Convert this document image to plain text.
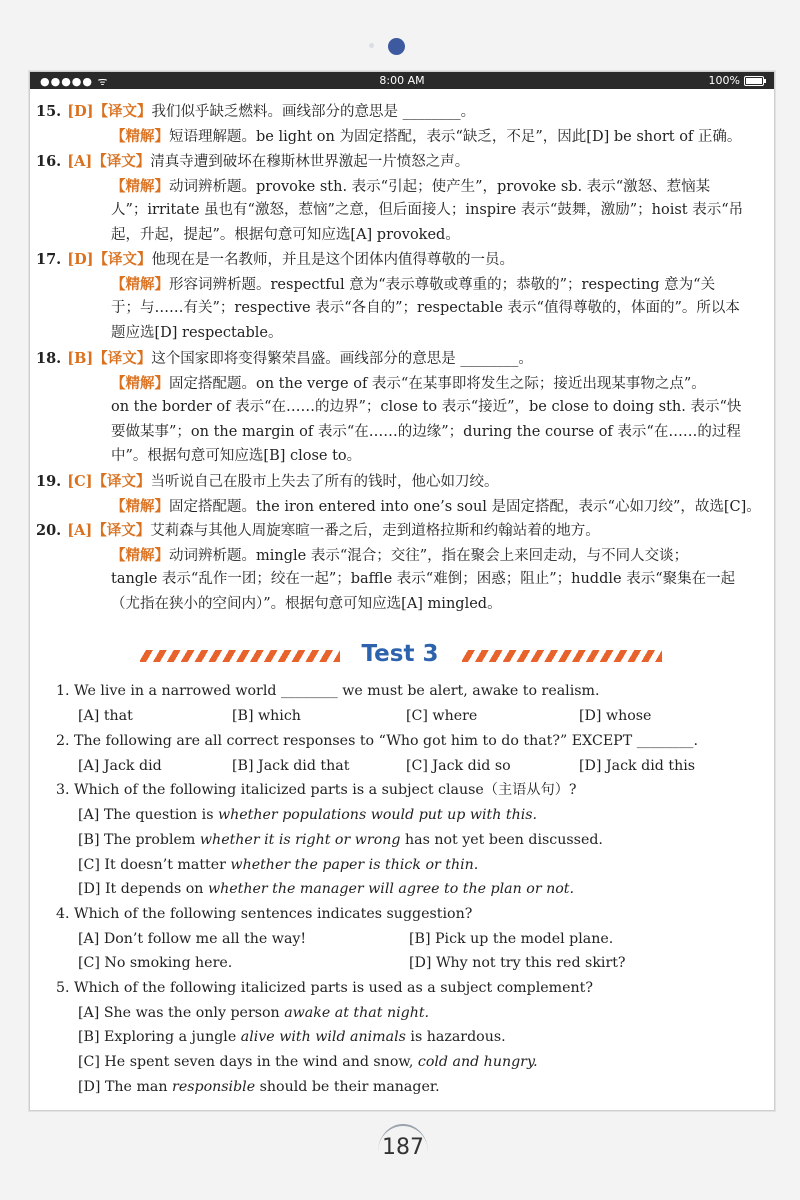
●●●●● ᯤ	8:00 AM	100%
15. [D]【译文】我们似乎缺乏燃料。画线部分的意思是 ________。
【精解】短语理解题。be light on 为固定搭配，表示“缺乏，不足”，因此[D] be short of 正确。
16. [A]【译文】清真寺遭到破坏在穆斯林世界激起一片愤怒之声。
【精解】动词辨析题。provoke sth. 表示“引起；使产生”，provoke sb. 表示“激怒、惹恼某
人”；irritate 虽也有“激怒，惹恼”之意，但后面接人；inspire 表示“鼓舞，激励”；hoist 表示“吊
起，升起，提起”。根据句意可知应选[A] provoked。
17. [D]【译文】他现在是一名教师，并且是这个团体内值得尊敬的一员。
【精解】形容词辨析题。respectful 意为“表示尊敬或尊重的；恭敬的”；respecting 意为“关
于；与……有关”；respective 表示“各自的”；respectable 表示“值得尊敬的，体面的”。所以本
题应选[D] respectable。
18. [B]【译文】这个国家即将变得繁荣昌盛。画线部分的意思是 ________。
【精解】固定搭配题。on the verge of 表示“在某事即将发生之际；接近出现某事物之点”。
on the border of 表示“在……的边界”；close to 表示“接近”，be close to doing sth. 表示“快
要做某事”；on the margin of 表示“在……的边缘”；during the course of 表示“在……的过程
中”。根据句意可知应选[B] close to。
19. [C]【译文】当听说自己在股市上失去了所有的钱时，他心如刀绞。
【精解】固定搭配题。the iron entered into one’s soul 是固定搭配，表示“心如刀绞”，故选[C]。
20. [A]【译文】艾莉森与其他人周旋寒暄一番之后，走到道格拉斯和约翰站着的地方。
【精解】动词辨析题。mingle 表示“混合；交往”，指在聚会上来回走动，与不同人交谈；
tangle 表示“乱作一团；绞在一起”；baffle 表示“难倒；困惑；阻止”；huddle 表示“聚集在一起
（尤指在狭小的空间内）”。根据句意可知应选[A] mingled。
Test 3
1. We live in a narrowed world ________ we must be alert, awake to realism.
[A] that	[B] which	[C] where	[D] whose
2. The following are all correct responses to “Who got him to do that?” EXCEPT ________.
[A] Jack did	[B] Jack did that	[C] Jack did so	[D] Jack did this
3. Which of the following italicized parts is a subject clause（主语从句）?
[A] The question is whether populations would put up with this.
[B] The problem whether it is right or wrong has not yet been discussed.
[C] It doesn’t matter whether the paper is thick or thin.
[D] It depends on whether the manager will agree to the plan or not.
4. Which of the following sentences indicates suggestion?
[A] Don’t follow me all the way!	[B] Pick up the model plane.
[C] No smoking here.	[D] Why not try this red skirt?
5. Which of the following italicized parts is used as a subject complement?
[A] She was the only person awake at that night.
[B] Exploring a jungle alive with wild animals is hazardous.
[C] He spent seven days in the wind and snow, cold and hungry.
[D] The man responsible should be their manager.
187
